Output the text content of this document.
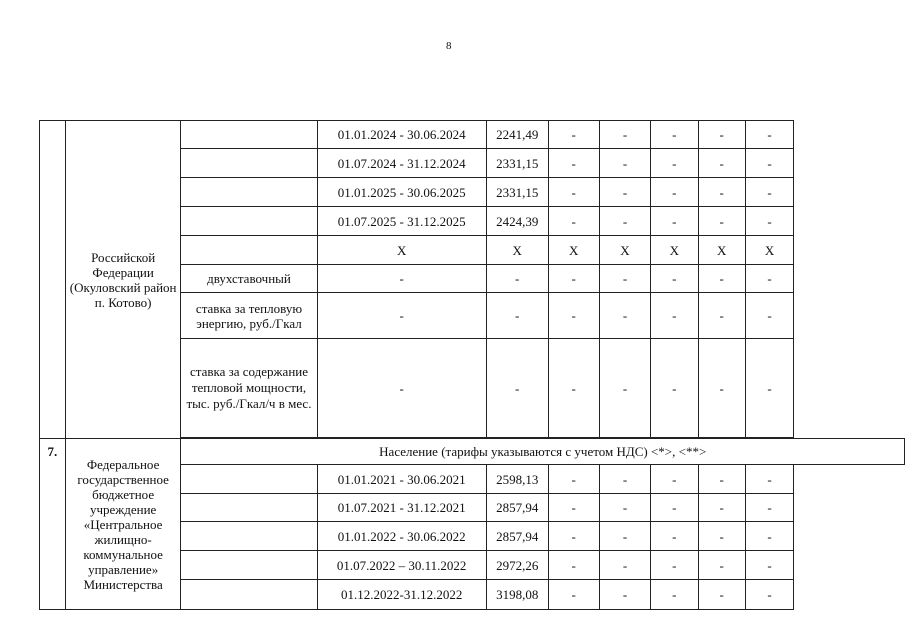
8
	Российской Федерации (Окуловский район п. Котово)		01.01.2024 - 30.06.2024	2241,49	-	-	-	-	-
			01.07.2024 - 31.12.2024	2331,15	-	-	-	-	-
			01.01.2025 - 30.06.2025	2331,15	-	-	-	-	-
			01.07.2025 - 31.12.2025	2424,39	-	-	-	-	-
			X	X	X	X	X	X	X
		двухставочный	-	-	-	-	-	-	-
		ставка за тепловую энергию, руб./Гкал	-	-	-	-	-	-	-
		ставка за содержание тепловой мощности, тыс. руб./Гкал/ч в мес.	-	-	-	-	-	-	-

7.	Федеральное государственное бюджетное учреждение «Центральное жилищно-коммунальное управление» Министерства	Население (тарифы указываются с учетом НДС) <*>, <**>							
			01.01.2021 - 30.06.2021	2598,13	-	-	-	-	-
			01.07.2021 - 31.12.2021	2857,94	-	-	-	-	-
			01.01.2022 - 30.06.2022	2857,94	-	-	-	-	-
			01.07.2022 – 30.11.2022	2972,26	-	-	-	-	-
			01.12.2022-31.12.2022	3198,08	-	-	-	-	-
